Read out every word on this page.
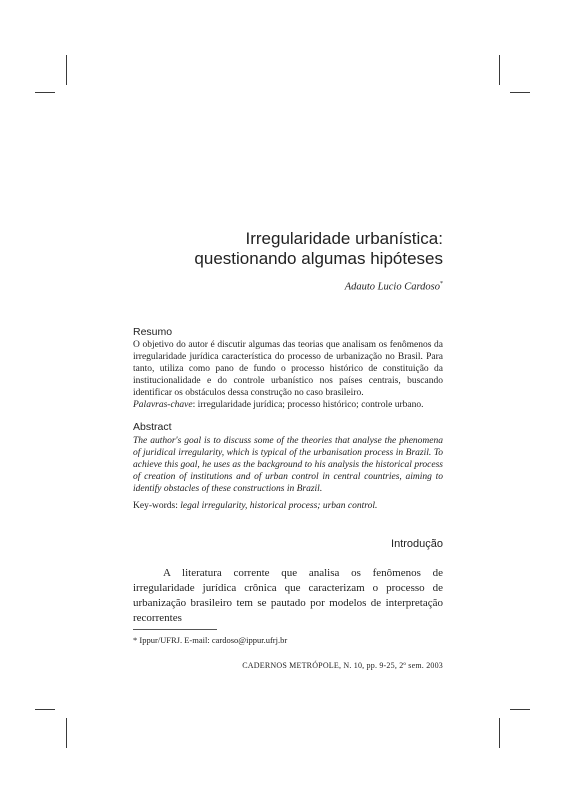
Irregularidade urbanística:
questionando algumas hipóteses
Adauto Lucio Cardoso*
Resumo

O objetivo do autor é discutir algumas das teorias que analisam os fenômenos da irregularidade jurídica característica do processo de urbanização no Brasil. Para tanto, utiliza como pano de fundo o processo histórico de constituição da institucionalidade e do controle urbanístico nos países centrais, buscando identificar os obstáculos dessa construção no caso brasileiro.

Palavras-chave: irregularidade jurídica; processo histórico; controle urbano.

Abstract

The author's goal is to discuss some of the theories that analyse the phenomena of juridical irregularity, which is typical of the urbanisation process in Brazil. To achieve this goal, he uses as the background to his analysis the historical process of creation of institutions and of urban control in central countries, aiming to identify obstacles of these constructions in Brazil.

Key-words: legal irregularity, historical process; urban control.

Introdução

A literatura corrente que analisa os fenômenos de irregularidade jurídica crônica que caracterizam o processo de urbanização brasileiro tem se pautado por modelos de interpretação recorrentes

* Ippur/UFRJ. E-mail: cardoso@ippur.ufrj.br
CADERNOS METRÓPOLE, N. 10, pp. 9-25, 2º sem. 2003
